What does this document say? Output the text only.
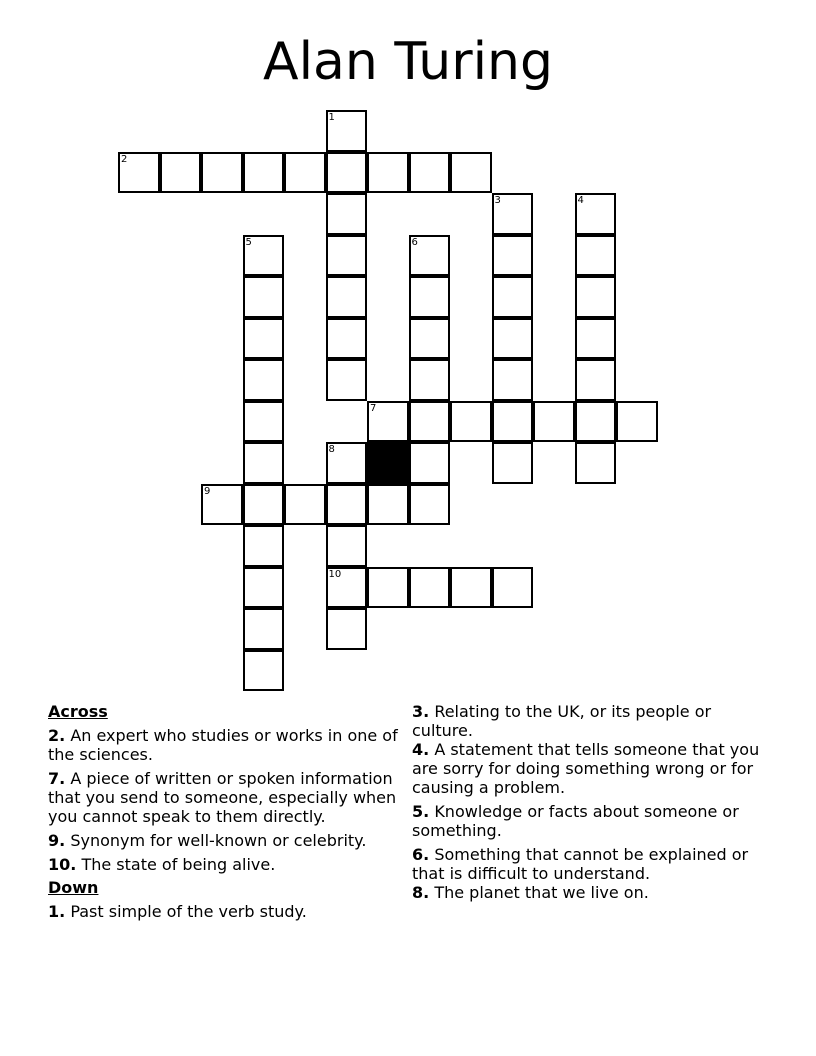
Alan Turing
1
2
3	4
5	6
7
8
9
10

Across

2. An expert who studies or works in one of the sciences.

7. A piece of written or spoken information that you send to someone, especially when you cannot speak to them directly.

9. Synonym for well-known or celebrity.

10. The state of being alive.

Down

1. Past simple of the verb study.

3. Relating to the UK, or its people or culture.

4. A statement that tells someone that you are sorry for doing something wrong or for causing a problem.

5. Knowledge or facts about someone or something.

6. Something that cannot be explained or that is difficult to understand.

8. The planet that we live on.
